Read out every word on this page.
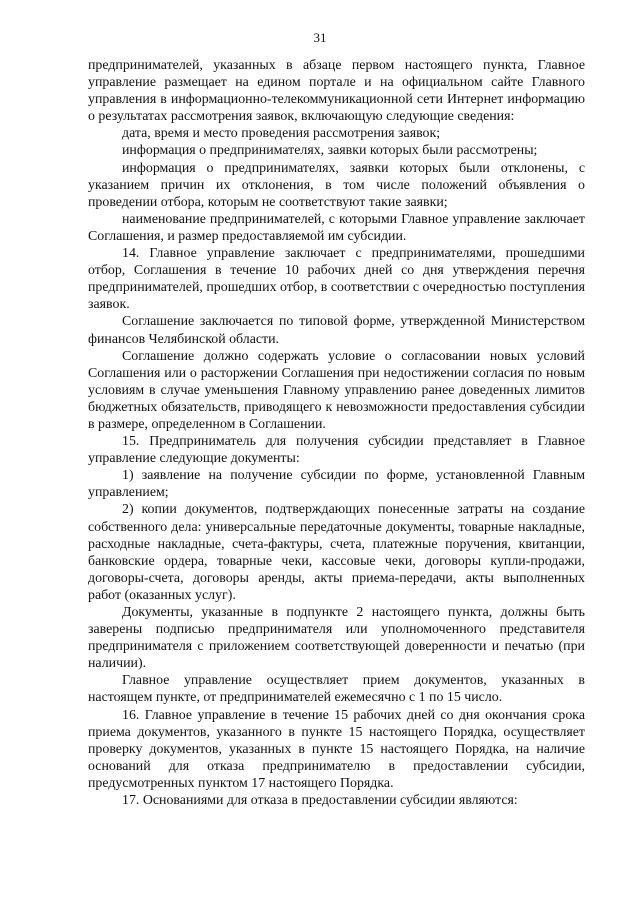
31

предпринимателей, указанных в абзаце первом настоящего пункта, Главное управление размещает на едином портале и на официальном сайте Главного управления в информационно-телекоммуникационной сети Интернет информацию о результатах рассмотрения заявок, включающую следующие сведения:

дата, время и место проведения рассмотрения заявок;

информация о предпринимателях, заявки которых были рассмотрены;

информация о предпринимателях, заявки которых были отклонены, с указанием причин их отклонения, в том числе положений объявления о проведении отбора, которым не соответствуют такие заявки;

наименование предпринимателей, с которыми Главное управление заключает Соглашения, и размер предоставляемой им субсидии.

14. Главное управление заключает с предпринимателями, прошедшими отбор, Соглашения в течение 10 рабочих дней со дня утверждения перечня предпринимателей, прошедших отбор, в соответствии с очередностью поступления заявок.

Соглашение заключается по типовой форме, утвержденной Министерством финансов Челябинской области.

Соглашение должно содержать условие о согласовании новых условий Соглашения или о расторжении Соглашения при недостижении согласия по новым условиям в случае уменьшения Главному управлению ранее доведенных лимитов бюджетных обязательств, приводящего к невозможности предоставления субсидии в размере, определенном в Соглашении.

15. Предприниматель для получения субсидии представляет в Главное управление следующие документы:

1) заявление на получение субсидии по форме, установленной Главным управлением;

2) копии документов, подтверждающих понесенные затраты на создание собственного дела: универсальные передаточные документы, товарные накладные, расходные накладные, счета-фактуры, счета, платежные поручения, квитанции, банковские ордера, товарные чеки, кассовые чеки, договоры купли-продажи, договоры-счета, договоры аренды, акты приема-передачи, акты выполненных работ (оказанных услуг).

Документы, указанные в подпункте 2 настоящего пункта, должны быть заверены подписью предпринимателя или уполномоченного представителя предпринимателя с приложением соответствующей доверенности и печатью (при наличии).

Главное управление осуществляет прием документов, указанных в настоящем пункте, от предпринимателей ежемесячно с 1 по 15 число.

16. Главное управление в течение 15 рабочих дней со дня окончания срока приема документов, указанного в пункте 15 настоящего Порядка, осуществляет проверку документов, указанных в пункте 15 настоящего Порядка, на наличие оснований для отказа предпринимателю в предоставлении субсидии, предусмотренных пунктом 17 настоящего Порядка.

17. Основаниями для отказа в предоставлении субсидии являются:
